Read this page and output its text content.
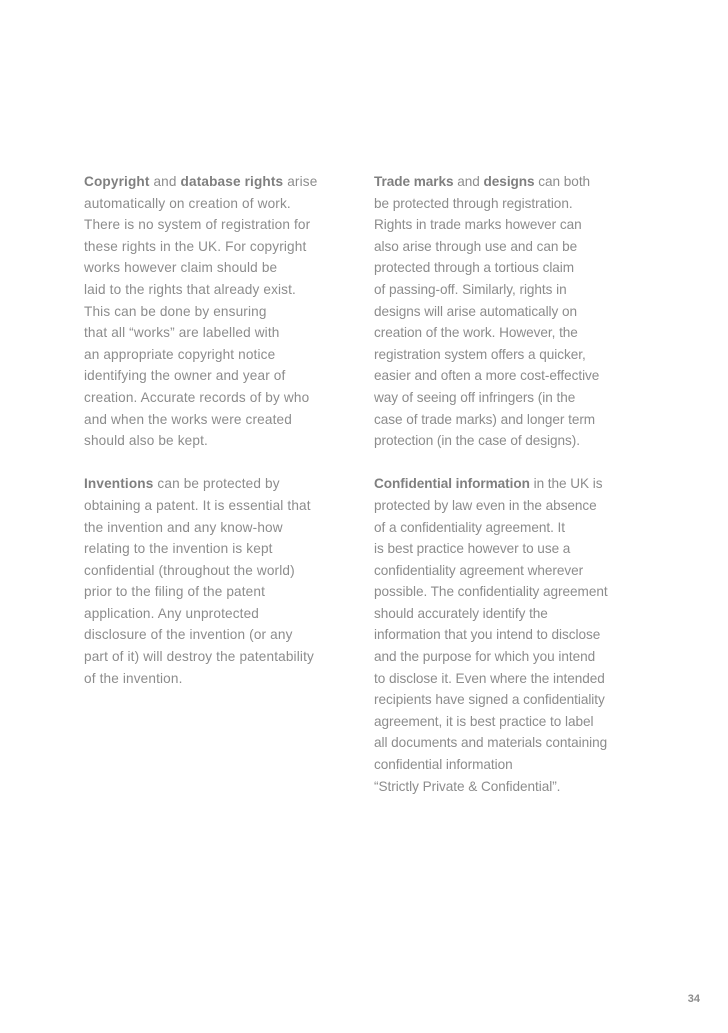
Copyright and database rights arise
automatically on creation of work.
There is no system of registration for
these rights in the UK. For copyright
works however claim should be
laid to the rights that already exist.
This can be done by ensuring
that all “works” are labelled with
an appropriate copyright notice
identifying the owner and year of
creation. Accurate records of by who
and when the works were created
should also be kept.
Inventions can be protected by
obtaining a patent. It is essential that
the invention and any know-how
relating to the invention is kept
confidential (throughout the world)
prior to the filing of the patent
application. Any unprotected
disclosure of the invention (or any
part of it) will destroy the patentability
of the invention.
Trade marks and designs can both
be protected through registration.
Rights in trade marks however can
also arise through use and can be
protected through a tortious claim
of passing-off. Similarly, rights in
designs will arise automatically on
creation of the work. However, the
registration system offers a quicker,
easier and often a more cost-effective
way of seeing off infringers (in the
case of trade marks) and longer term
protection (in the case of designs).
Confidential information in the UK is
protected by law even in the absence
of a confidentiality agreement. It
is best practice however to use a
confidentiality agreement wherever
possible. The confidentiality agreement
should accurately identify the
information that you intend to disclose
and the purpose for which you intend
to disclose it. Even where the intended
recipients have signed a confidentiality
agreement, it is best practice to label
all documents and materials containing
confidential information
“Strictly Private & Confidential”.
34
